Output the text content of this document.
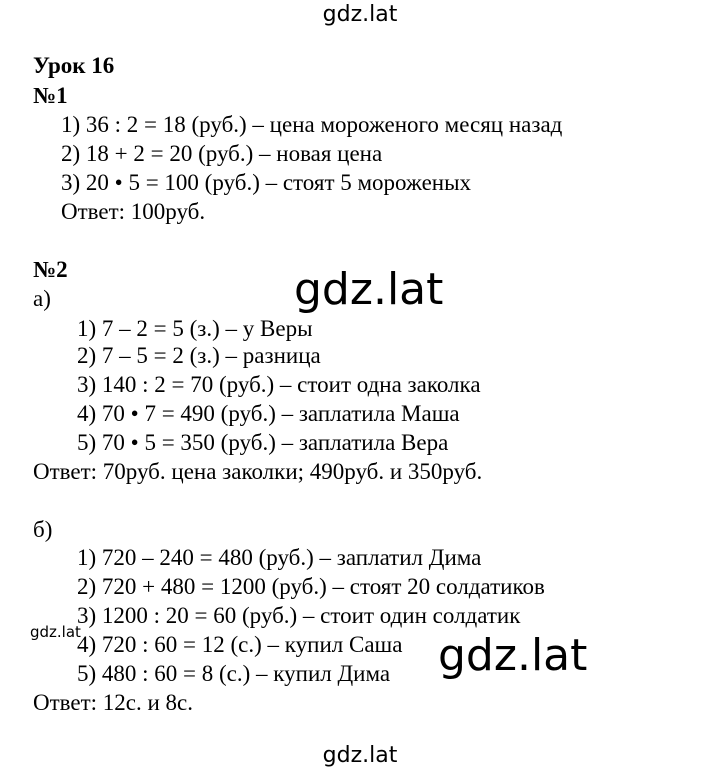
gdz.lat
Урок 16
№1
1) 36 : 2 = 18 (руб.) – цена мороженого месяц назад
2) 18 + 2 = 20 (руб.) – новая цена
3) 20 • 5 = 100 (руб.) – стоят 5 мороженых
Ответ: 100руб.
№2
а)
1) 7 – 2 = 5 (з.) – у Веры
2) 7 – 5 = 2 (з.) – разница
3) 140 : 2 = 70 (руб.) – стоит одна заколка
4) 70 • 7 = 490 (руб.) – заплатила Маша
5) 70 • 5 = 350 (руб.) – заплатила Вера
Ответ: 70руб. цена заколки; 490руб. и 350руб.
б)
1) 720 – 240 = 480 (руб.) – заплатил Дима
2) 720 + 480 = 1200 (руб.) – стоят 20 солдатиков
3) 1200 : 20 = 60 (руб.) – стоит один солдатик
4) 720 : 60 = 12 (с.) – купил Саша
5) 480 : 60 = 8 (с.) – купил Дима
Ответ: 12с. и 8с.
gdz.lat
gdz.lat
gdz.lat
gdz.lat
